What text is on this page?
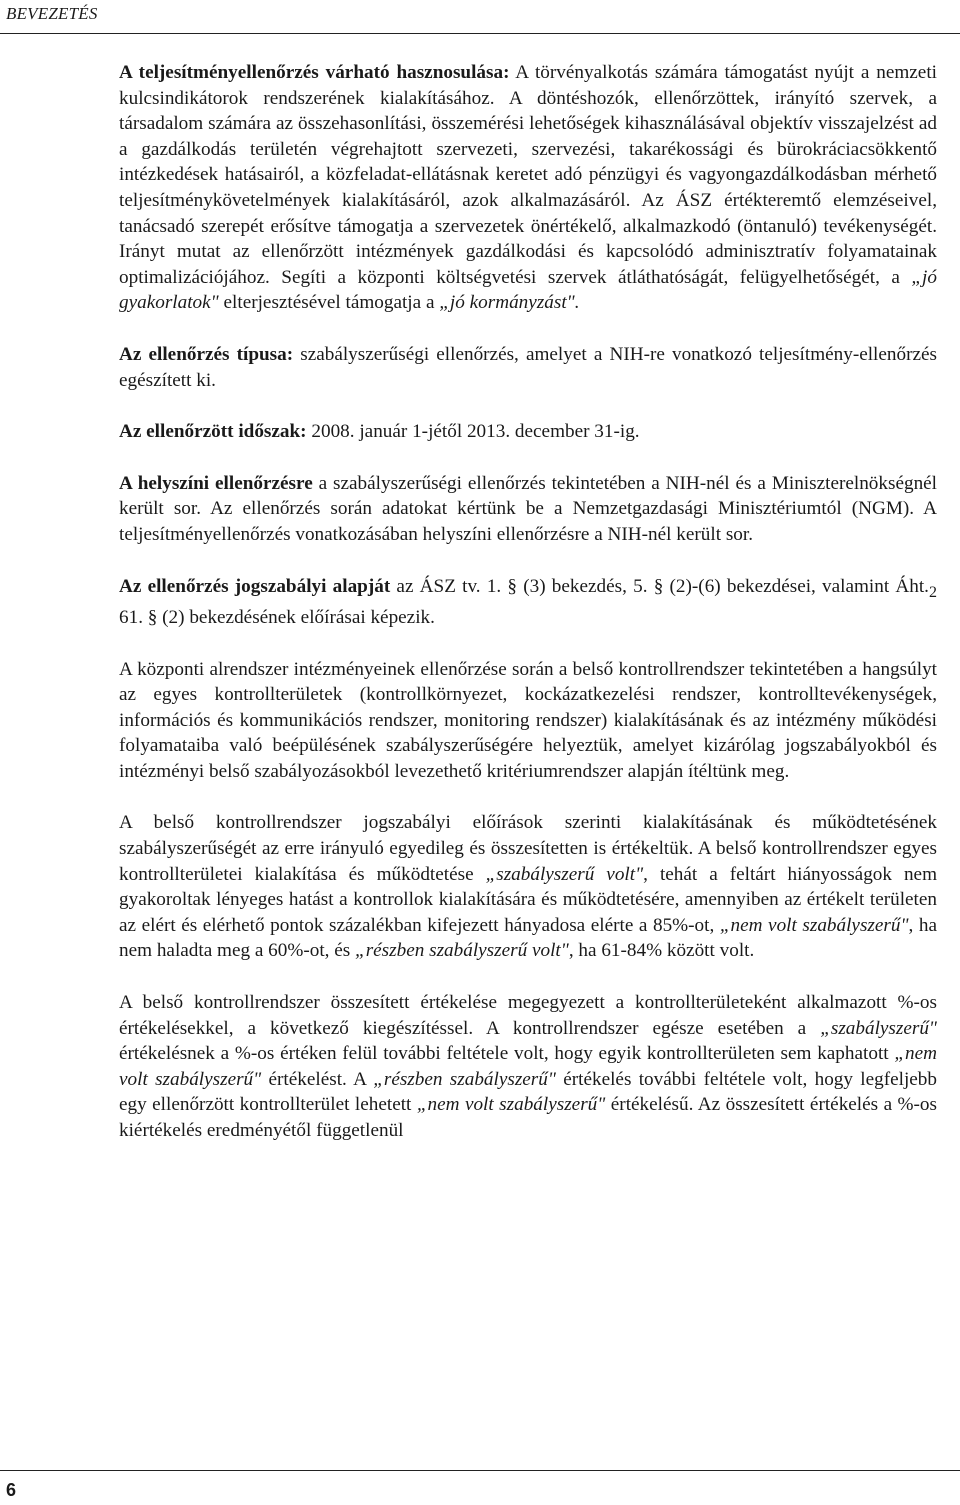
BEVEZETÉS

A teljesítményellenőrzés várható hasznosulása: A törvényalkotás számára támogatást nyújt a nemzeti kulcsindikátorok rendszerének kialakításához. A döntéshozók, ellenőrzöttek, irányító szervek, a társadalom számára az összehasonlítási, összemérési lehetőségek kihasználásával objektív visszajelzést ad a gazdálkodás területén végrehajtott szervezeti, szervezési, takarékossági és bürokráciacsökkentő intézkedések hatásairól, a közfeladat-ellátásnak keretet adó pénzügyi és vagyongazdálkodásban mérhető teljesítménykövetelmények kialakításáról, azok alkalmazásáról. Az ÁSZ értékteremtő elemzéseivel, tanácsadó szerepét erősítve támogatja a szervezetek önértékelő, alkalmazkodó (öntanuló) tevékenységét. Irányt mutat az ellenőrzött intézmények gazdálkodási és kapcsolódó adminisztratív folyamatainak optimalizációjához. Segíti a központi költségvetési szervek átláthatóságát, felügyelhetőségét, a „jó gyakorlatok" elterjesztésével támogatja a „jó kormányzást".

Az ellenőrzés típusa: szabályszerűségi ellenőrzés, amelyet a NIH-re vonatkozó teljesítmény-ellenőrzés egészített ki.

Az ellenőrzött időszak: 2008. január 1-jétől 2013. december 31-ig.

A helyszíni ellenőrzésre a szabályszerűségi ellenőrzés tekintetében a NIH-nél és a Miniszterelnökségnél került sor. Az ellenőrzés során adatokat kértünk be a Nemzetgazdasági Minisztériumtól (NGM). A teljesítményellenőrzés vonatkozásában helyszíni ellenőrzésre a NIH-nél került sor.

Az ellenőrzés jogszabályi alapját az ÁSZ tv. 1. § (3) bekezdés, 5. § (2)-(6) bekezdései, valamint $Áht._2$ 61. § (2) bekezdésének előírásai képezik.

A központi alrendszer intézményeinek ellenőrzése során a belső kontrollrendszer tekintetében a hangsúlyt az egyes kontrollterületek (kontrollkörnyezet, kockázatkezelési rendszer, kontrolltevékenységek, információs és kommunikációs rendszer, monitoring rendszer) kialakításának és az intézmény működési folyamataiba való beépülésének szabályszerűségére helyeztük, amelyet kizárólag jogszabályokból és intézményi belső szabályozásokból levezethető kritériumrendszer alapján ítéltünk meg.

A belső kontrollrendszer jogszabályi előírások szerinti kialakításának és működtetésének szabályszerűségét az erre irányuló egyedileg és összesítetten is értékeltük. A belső kontrollrendszer egyes kontrollterületei kialakítása és működtetése „szabályszerű volt", tehát a feltárt hiányosságok nem gyakoroltak lényeges hatást a kontrollok kialakítására és működtetésére, amennyiben az értékelt területen az elért és elérhető pontok százalékban kifejezett hányadosa elérte a 85%-ot, „nem volt szabályszerű", ha nem haladta meg a 60%-ot, és „részben szabályszerű volt", ha 61-84% között volt.

A belső kontrollrendszer összesített értékelése megegyezett a kontrollterületeként alkalmazott %-os értékelésekkel, a következő kiegészítéssel. A kontrollrendszer egésze esetében a „szabályszerű" értékelésnek a %-os értéken felül további feltétele volt, hogy egyik kontrollterületen sem kaphatott „nem volt szabályszerű" értékelést. A „részben szabályszerű" értékelés további feltétele volt, hogy legfeljebb egy ellenőrzött kontrollterület lehetett „nem volt szabályszerű" értékelésű. Az összesített értékelés a %-os kiértékelés eredményétől függetlenül

6
